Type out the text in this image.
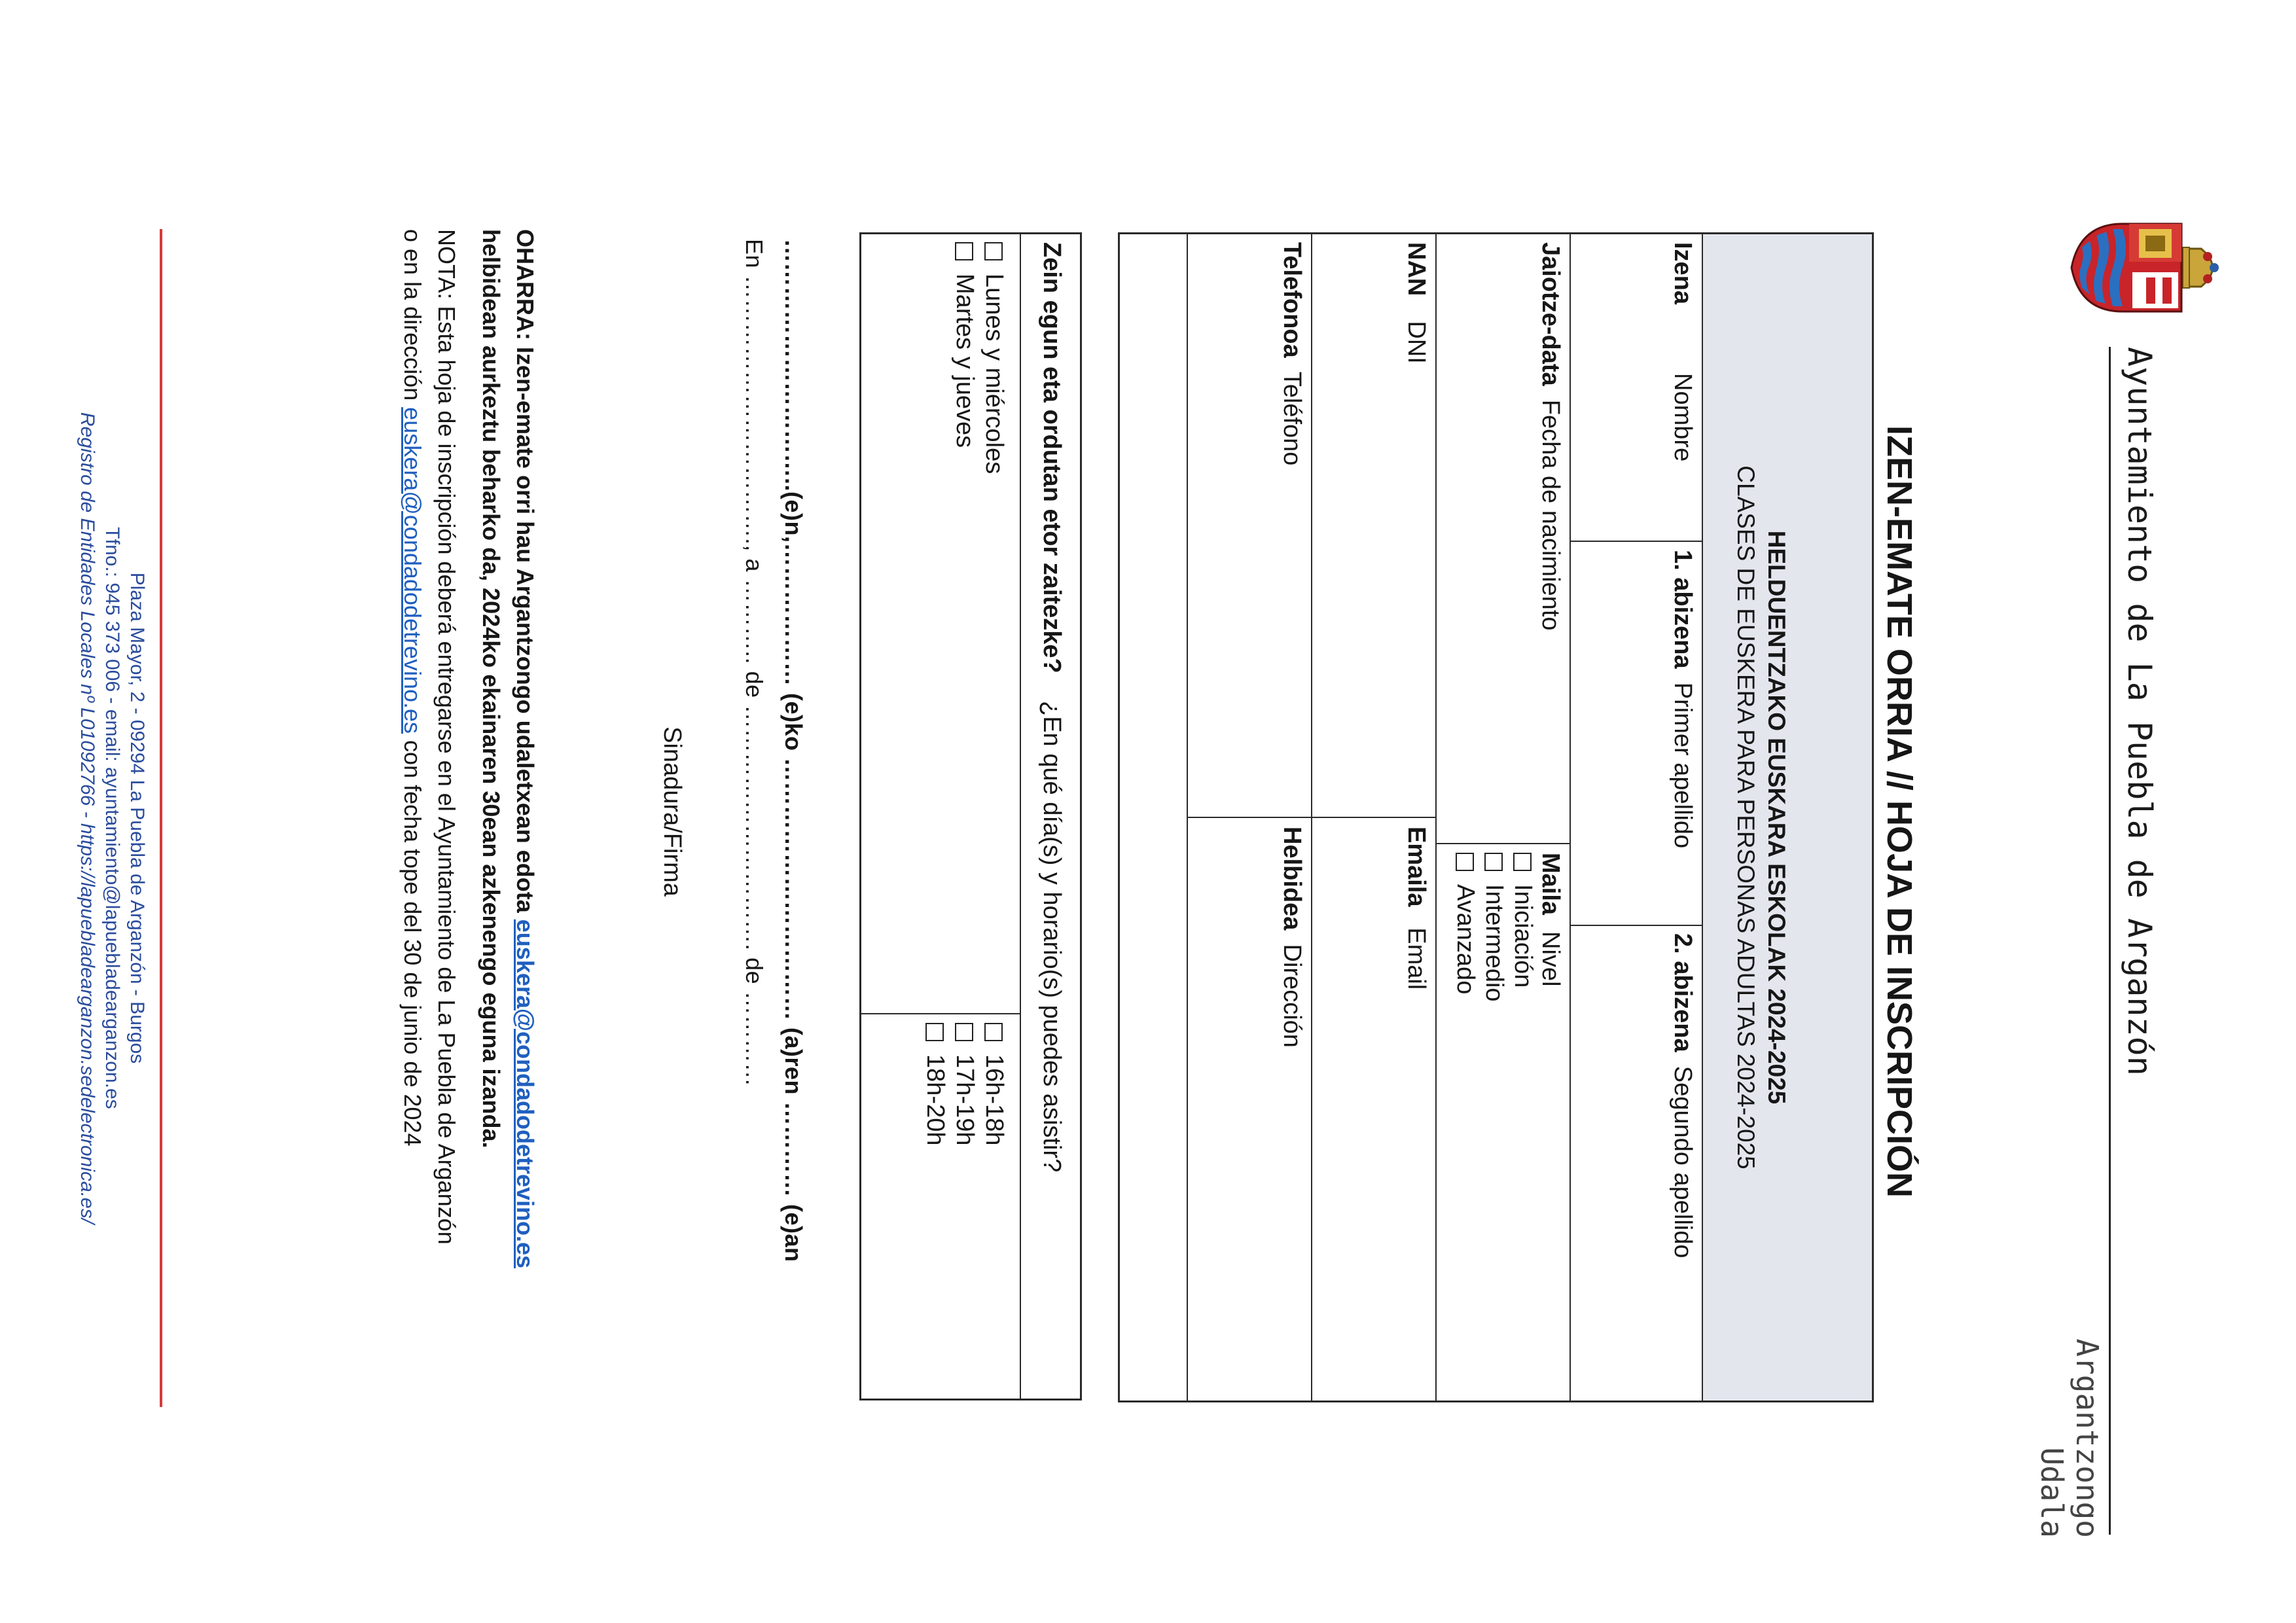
Ayuntamiento de La Puebla de Arganzón
Argantzongo Udala
IZEN-EMATE ORRIA // HOJA DE INSCRIPCIÓN
HELDUENTZAKO EUSKARA ESKOLAK 2024-2025
CLASES DE EUSKERA PARA PERSONAS ADULTAS 2024-2025
IzenaNombre
1. abizena  Primer apellido
2. abizena  Segundo apellido
Jaiotze-data  Fecha de nacimiento
MailaNivel
Iniciación
Intermedio
Avanzado
NANDNI
Emaila   Email
Telefonoa  Teléfono
Helbidea  Dirección
Zein egun eta ordutan etor zaitezke?    ¿En qué día(s) y horario(s) puedes asistir?
Lunes y miércoles
Martes y jueves
16h-18h
17h-19h
18h-20h
…………………………..(e)n,……………… (e)ko …………………………… (a)ren ………… (e)an
En ……………………………., a ……….. de …………………………. de …………
Sinadura/Firma
OHARRA: Izen-emate orri hau Argantzongo udaletxean edota euskera@condadodetrevino.es
helbidean aurkeztu beharko da, 2024ko ekainaren 30ean azkenengo eguna izanda.
NOTA: Esta hoja de inscripción deberá entregarse en el Ayuntamiento de La Puebla de Arganzón
o en la dirección euskera@condadodetrevino.es con fecha tope del 30 de junio de 2024
Plaza Mayor, 2 - 09294 La Puebla de Arganzón - Burgos
Tfno.: 945 373 006 - email: ayuntamiento@lapuebladearganzon.es
Registro de Entidades Locales nº L01092766 - https://lapuebladearganzon.sedelectronica.es/
